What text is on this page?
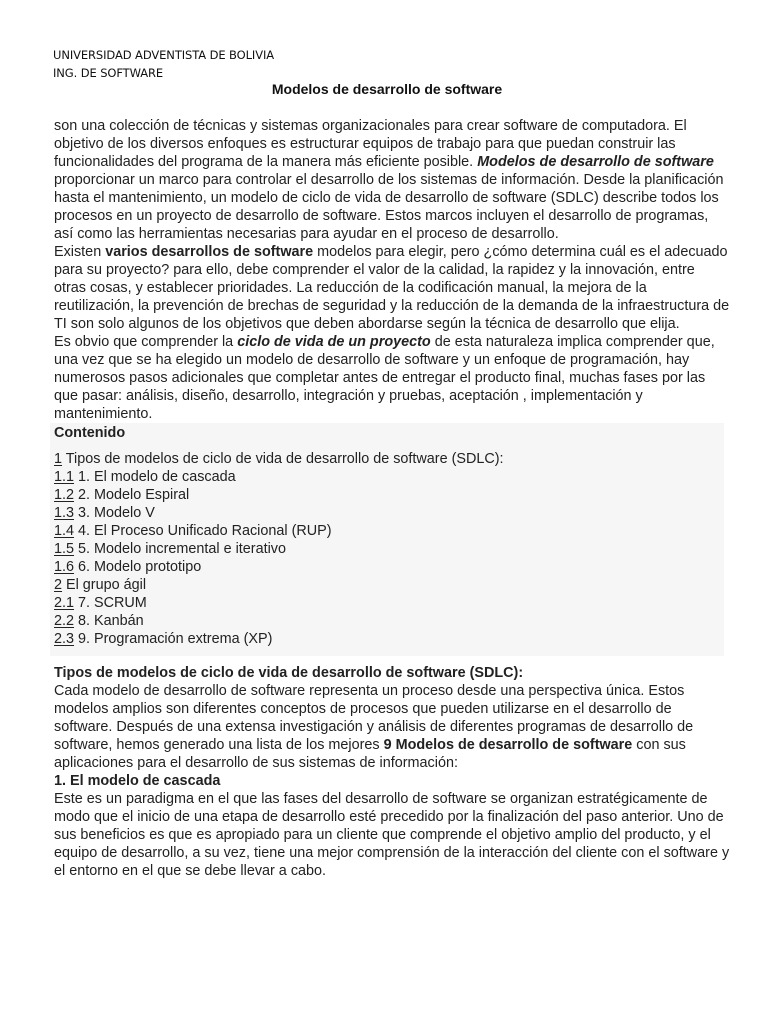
UNIVERSIDAD ADVENTISTA DE BOLIVIA
ING. DE SOFTWARE
Modelos de desarrollo de software

son una colección de técnicas y sistemas organizacionales para crear software de computadora. El objetivo de los diversos enfoques es estructurar equipos de trabajo para que puedan construir las funcionalidades del programa de la manera más eficiente posible. Modelos de desarrollo de software proporcionar un marco para controlar el desarrollo de los sistemas de información. Desde la planificación hasta el mantenimiento, un modelo de ciclo de vida de desarrollo de software (SDLC) describe todos los procesos en un proyecto de desarrollo de software. Estos marcos incluyen el desarrollo de programas, así como las herramientas necesarias para ayudar en el proceso de desarrollo.

Existen varios desarrollos de software modelos para elegir, pero ¿cómo determina cuál es el adecuado para su proyecto? para ello, debe comprender el valor de la calidad, la rapidez y la innovación, entre otras cosas, y establecer prioridades. La reducción de la codificación manual, la mejora de la reutilización, la prevención de brechas de seguridad y la reducción de la demanda de la infraestructura de TI son solo algunos de los objetivos que deben abordarse según la técnica de desarrollo que elija.

Es obvio que comprender la ciclo de vida de un proyecto de esta naturaleza implica comprender que, una vez que se ha elegido un modelo de desarrollo de software y un enfoque de programación, hay numerosos pasos adicionales que completar antes de entregar el producto final, muchas fases por las que pasar: análisis, diseño, desarrollo, integración y pruebas, aceptación , implementación y mantenimiento.

Contenido
1 Tipos de modelos de ciclo de vida de desarrollo de software (SDLC):
1.1 1. El modelo de cascada
1.2 2. Modelo Espiral
1.3 3. Modelo V
1.4 4. El Proceso Unificado Racional (RUP)
1.5 5. Modelo incremental e iterativo
1.6 6. Modelo prototipo
2 El grupo ágil
2.1 7. SCRUM
2.2 8. Kanbán
2.3 9. Programación extrema (XP)
Tipos de modelos de ciclo de vida de desarrollo de software (SDLC):

Cada modelo de desarrollo de software representa un proceso desde una perspectiva única. Estos modelos amplios son diferentes conceptos de procesos que pueden utilizarse en el desarrollo de software. Después de una extensa investigación y análisis de diferentes programas de desarrollo de software, hemos generado una lista de los mejores 9 Modelos de desarrollo de software con sus aplicaciones para el desarrollo de sus sistemas de información:

1. El modelo de cascada

Este es un paradigma en el que las fases del desarrollo de software se organizan estratégicamente de modo que el inicio de una etapa de desarrollo esté precedido por la finalización del paso anterior. Uno de sus beneficios es que es apropiado para un cliente que comprende el objetivo amplio del producto, y el equipo de desarrollo, a su vez, tiene una mejor comprensión de la interacción del cliente con el software y el entorno en el que se debe llevar a cabo.
